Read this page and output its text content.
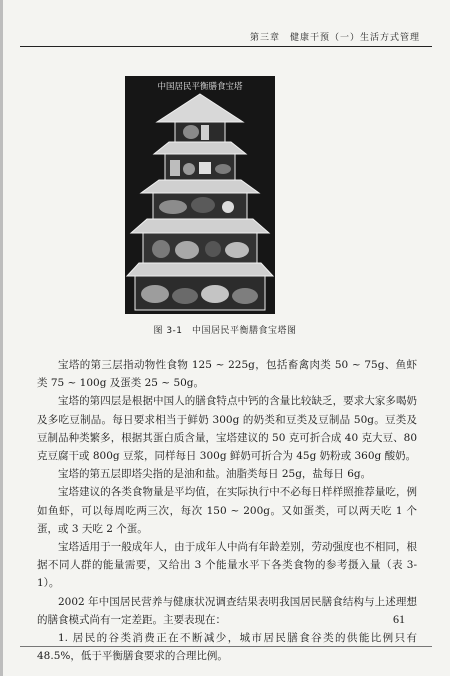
第三章　健康干预（一）生活方式管理
中国居民平衡膳食宝塔
图 3-1　中国居民平衡膳食宝塔图

宝塔的第三层指动物性食物 125 ~ 225g，包括畜禽肉类 50 ~ 75g、鱼虾类 75 ~ 100g 及蛋类 25 ~ 50g。

宝塔的第四层是根据中国人的膳食特点中钙的含量比较缺乏，要求大家多喝奶及多吃豆制品。每日要求相当于鲜奶 300g 的奶类和豆类及豆制品 50g。豆类及豆制品种类繁多，根据其蛋白质含量，宝塔建议的 50 克可折合成 40 克大豆、80 克豆腐干或 800g 豆浆，同样每日 300g 鲜奶可折合为 45g 奶粉或 360g 酸奶。

宝塔的第五层即塔尖指的是油和盐。油脂类每日 25g，盐每日 6g。

宝塔建议的各类食物量是平均值，在实际执行中不必每日样样照推荐量吃，例如鱼虾，可以每周吃两三次，每次 150 ~ 200g。又如蛋类，可以两天吃 1 个蛋，或 3 天吃 2 个蛋。

宝塔适用于一般成年人，由于成年人中尚有年龄差别，劳动强度也不相同，根据不同人群的能量需要，又给出 3 个能量水平下各类食物的参考摄入量（表 3-1）。

2002 年中国居民营养与健康状况调查结果表明我国居民膳食结构与上述理想的膳食模式尚有一定差距。主要表现在：

1. 居民的谷类消费正在不断减少，城市居民膳食谷类的供能比例只有 48.5%，低于平衡膳食要求的合理比例。

61
